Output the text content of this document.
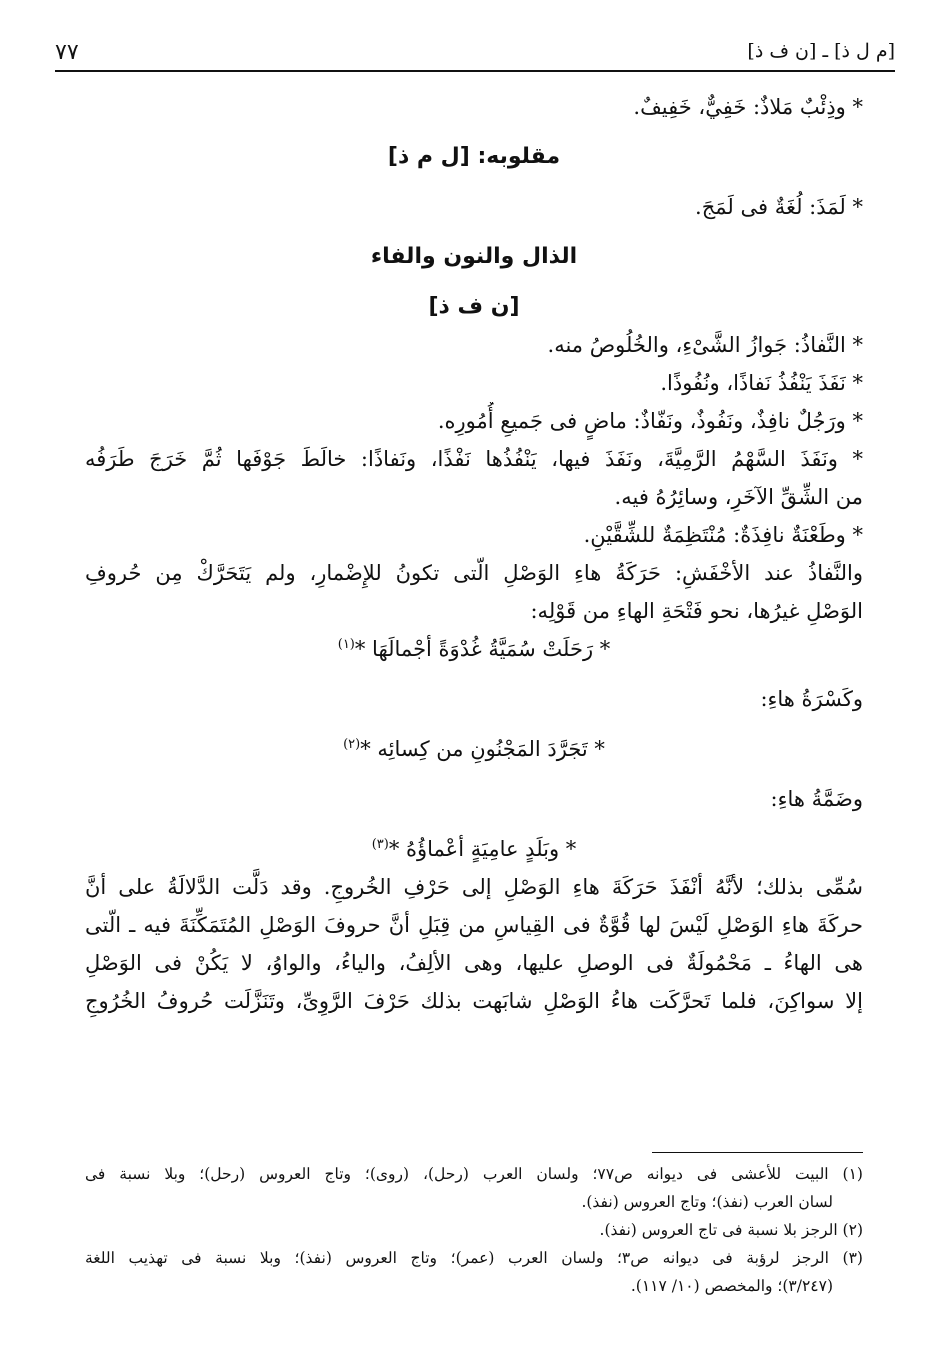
[م ل ذ] ـ [ن ف ذ]
٧٧
* وذِئْبٌ مَلاذٌ: خَفِيٌّ، خَفِيفٌ.
مقلوبه: [ل م ذ]
* لَمَذَ: لُغَةٌ فى لَمَجَ.
الذال والنون والفاء
[ن ف ذ]
* النَّفاذُ: جَوازُ الشَّىْءِ، والخُلُوصُ منه.
* نَفَذَ يَنْفُذُ نَفاذًا، ونُفُوذًا.
* ورَجُلٌ نافِذٌ، ونَفُوذٌ، ونَفّاذٌ: ماضٍ فى جَميعِ أُمُورِه.
* ونَفَذَ السَّهْمُ الرَّمِيَّةَ، ونَفَذَ فيها، يَنْفُذُها نَفْذًا، ونَفاذًا: خالَطَ جَوْفَها ثُمَّ خَرَجَ طَرَفُه
من الشِّقِّ الآخَرِ، وسائِرُهُ فيه.
* وطَعْنَةٌ نافِذَةٌ: مُنْتَظِمَةٌ للشِّقَّيْنِ.
والنَّفاذُ عند الأخْفَشِ: حَرَكَةُ هاءِ الوَصْلِ الّتى تكونُ للإِضْمارِ، ولم يَتَحَرَّكْ مِن حُروفِ
الوَصْلِ غيرُها، نحو فَتْحَةِ الهاءِ من قَوْلِه:
* رَحَلَتْ سُمَيَّةُ غُدْوَةً أجْمالَهَا *$^{(١)}$
وكَسْرَةُ هاءِ:
* تَجَرَّدَ المَجْنُونِ من كِسائِه *$^{(٢)}$
وضَمَّةُ هاءِ:
* وبَلَدٍ عامِيَةٍ أعْماؤُهُ *$^{(٣)}$
سُمِّى بذلك؛ لأنَّهُ أنْفَذَ حَرَكَةَ هاءِ الوَصْلِ إلى حَرْفِ الخُروجِ. وقد دَلَّت الدَّلالَةُ على أنَّ
حركَةَ هاءِ الوَصْلِ لَيْسَ لها قُوَّةٌ فى القِياسِ من قِبَلِ أنَّ حروفَ الوَصْلِ المُتَمَكِّنَةَ فيه ـ الّتى
هى الهاءُ ـ مَحْمُولَةٌ فى الوصلِ عليها، وهى الألِفُ، والياءُ، والواوُ، لا يَكُنْ فى الوَصْلِ
إلا سواكِنَ، فلما تَحرَّكَت هاءُ الوَصْلِ شابَهت بذلك حَرْفَ الرَّوِىِّ، وتَنَزَّلَت حُروفُ الخُرُوجِ
(١) البيت للأعشى فى ديوانه ص٧٧؛ ولسان العرب (رحل)، (روى)؛ وتاج العروس (رحل)؛ وبلا نسبة فى
لسان العرب (نفذ)؛ وتاج العروس (نفذ).
(٢) الرجز بلا نسبة فى تاج العروس (نفذ).
(٣) الرجز لرؤبة فى ديوانه ص٣؛ ولسان العرب (عمر)؛ وتاج العروس (نفذ)؛ وبلا نسبة فى تهذيب اللغة
(٣/٢٤٧)؛ والمخصص (١٠/ ١١٧).
